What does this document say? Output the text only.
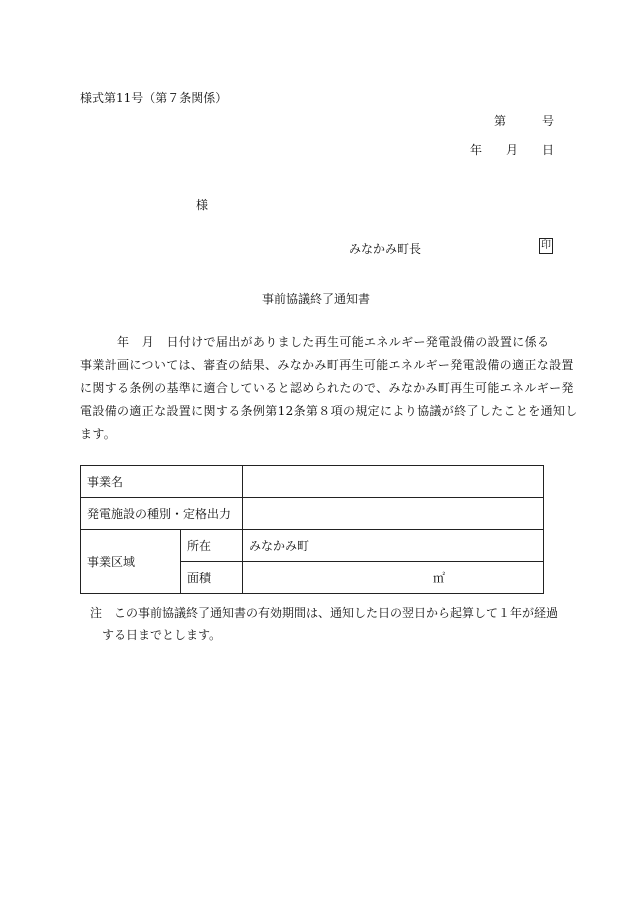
様式第11号（第７条関係）
第	号
年 月 日
様
みなかみ町長	印
事前協議終了通知書
　　　年　月　日付けで届出がありました再生可能エネルギー発電設備の設置に係る
事業計画については、審査の結果、みなかみ町再生可能エネルギー発電設備の適正な設置
に関する条例の基準に適合していると認められたので、みなかみ町再生可能エネルギー発
電設備の適正な設置に関する条例第12条第８項の規定により協議が終了したことを通知し
ます。
事業名		
発電施設の種別・定格出力		
事業区域	所在	みなかみ町
	面積	㎡
注　この事前協議終了通知書の有効期間は、通知した日の翌日から起算して１年が経過
　する日までとします。
